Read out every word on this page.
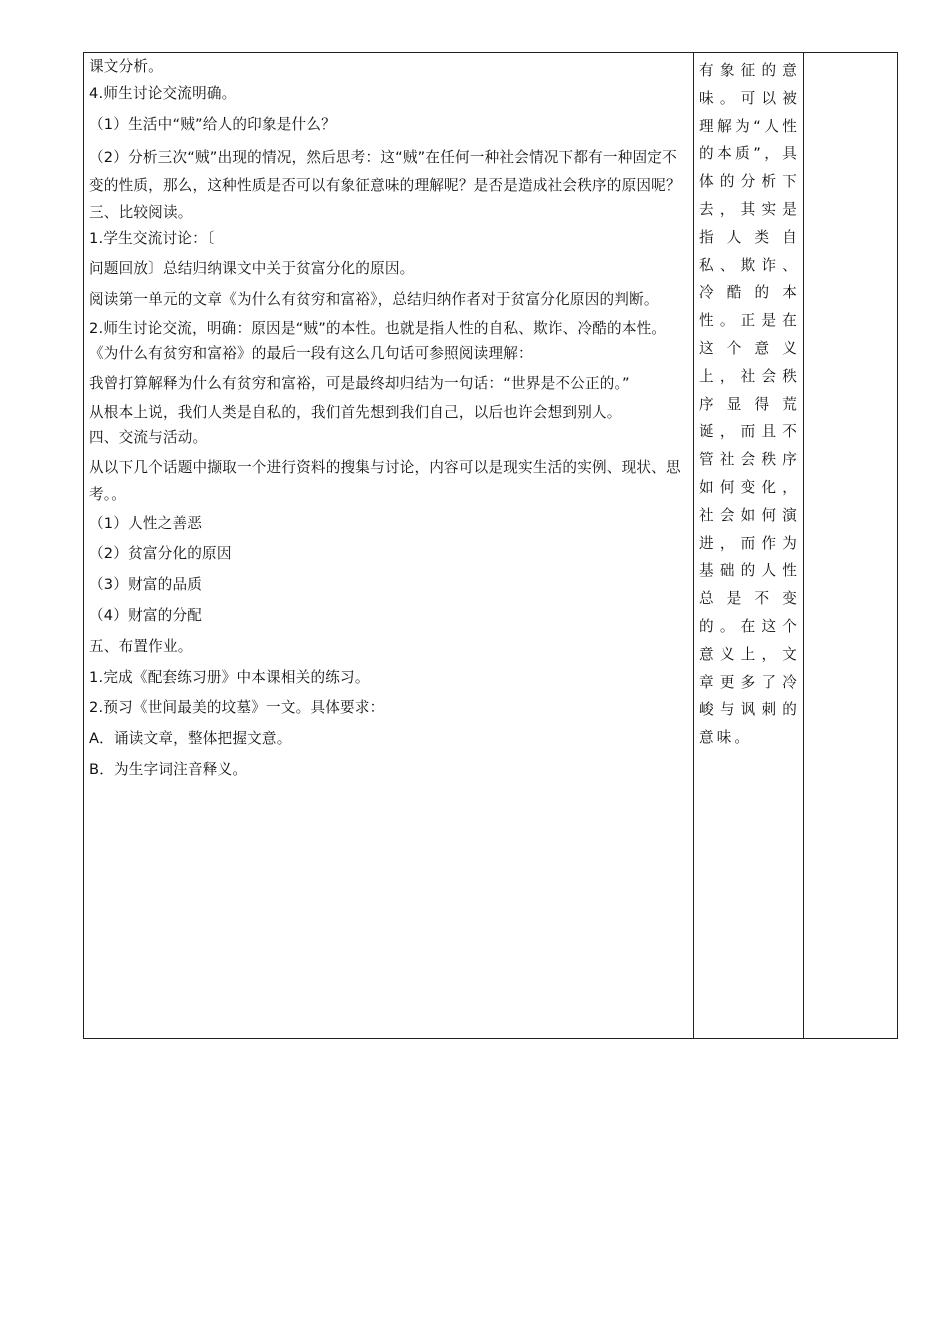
课文分析。
4.师生讨论交流明确。
（1）生活中“贼”给人的印象是什么？
（2）分析三次“贼”出现的情况，然后思考：这“贼”在任何一种社会情况下都有一种固定不变的性质，那么，这种性质是否可以有象征意味的理解呢？是否是造成社会秩序的原因呢？
三、比较阅读。
1.学生交流讨论：〔
问题回放〕总结归纳课文中关于贫富分化的原因。
阅读第一单元的文章《为什么有贫穷和富裕》，总结归纳作者对于贫富分化原因的判断。
2.师生讨论交流，明确：原因是“贼”的本性。也就是指人性的自私、欺诈、冷酷的本性。
《为什么有贫穷和富裕》的最后一段有这么几句话可参照阅读理解：
我曾打算解释为什么有贫穷和富裕，可是最终却归结为一句话：“世界是不公正的。”
从根本上说，我们人类是自私的，我们首先想到我们自己，以后也许会想到别人。
四、交流与活动。
从以下几个话题中撷取一个进行资料的搜集与讨论，内容可以是现实生活的实例、现状、思考。。
（1）人性之善恶
（2）贫富分化的原因
（3）财富的品质
（4）财富的分配
五、布置作业。
1.完成《配套练习册》中本课相关的练习。
2.预习《世间最美的坟墓》一文。具体要求：
A．诵读文章，整体把握文意。
B．为生字词注音释义。

有象征的意味。可以被理解为“人性的本质”，具体的分析下去，其实是指人类自私、欺诈、冷酷的本性。正是在这个意义上，社会秩序显得荒诞，而且不管社会秩序如何变化，社会如何演进，而作为基础的人性总是不变的。在这个意义上，文章更多了冷峻与讽刺的意味。
